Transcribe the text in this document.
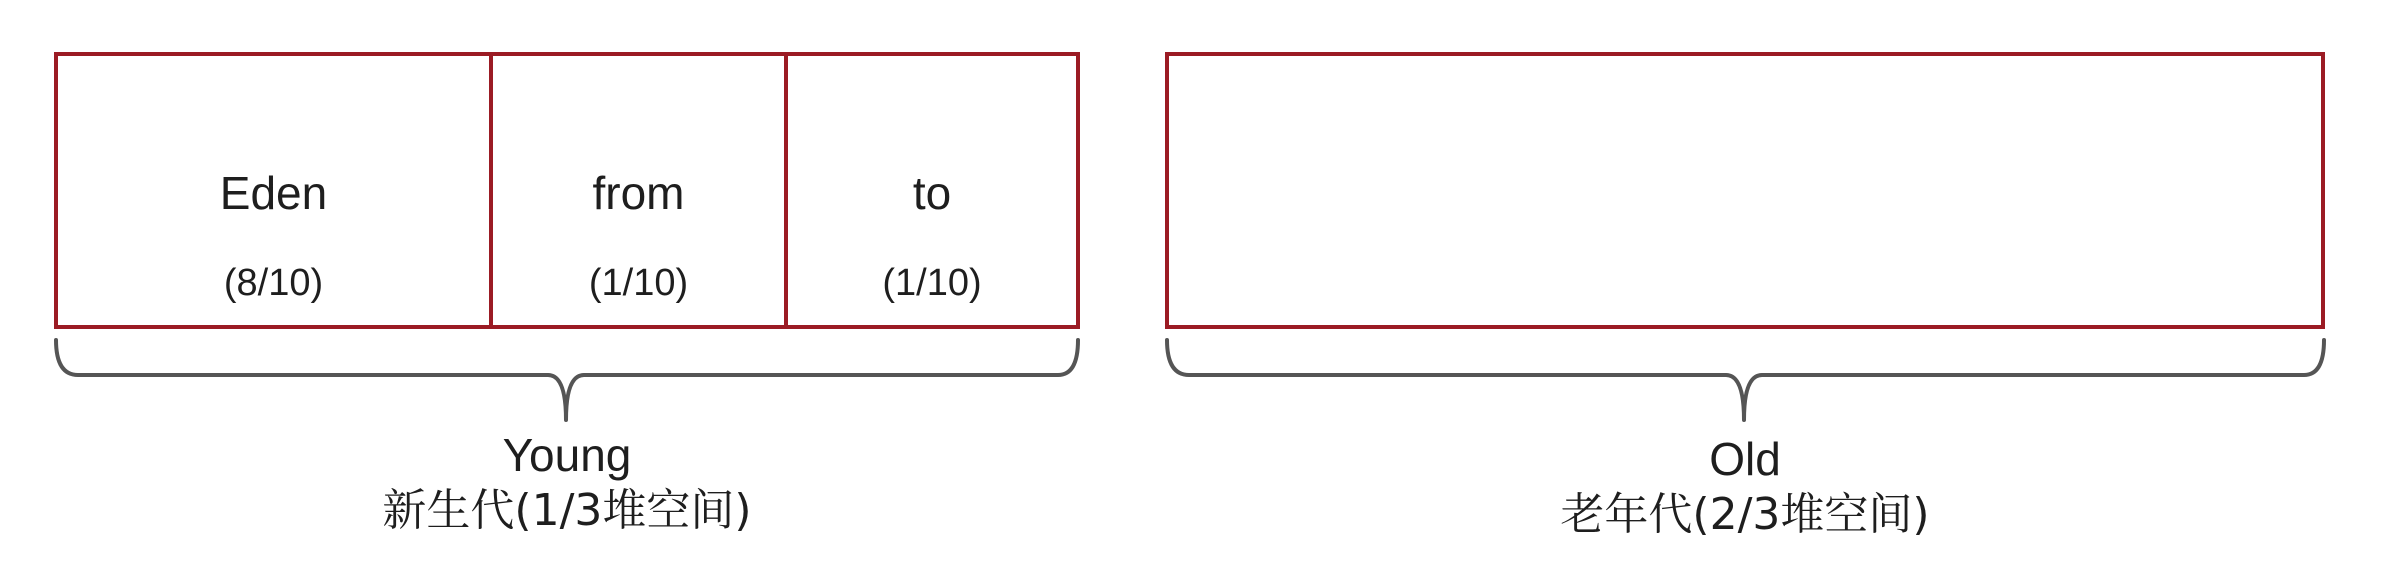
Eden
(8/10)
from
(1/10)
to
(1/10)
Young
新生代(1/3堆空间)
Old
老年代(2/3堆空间)
